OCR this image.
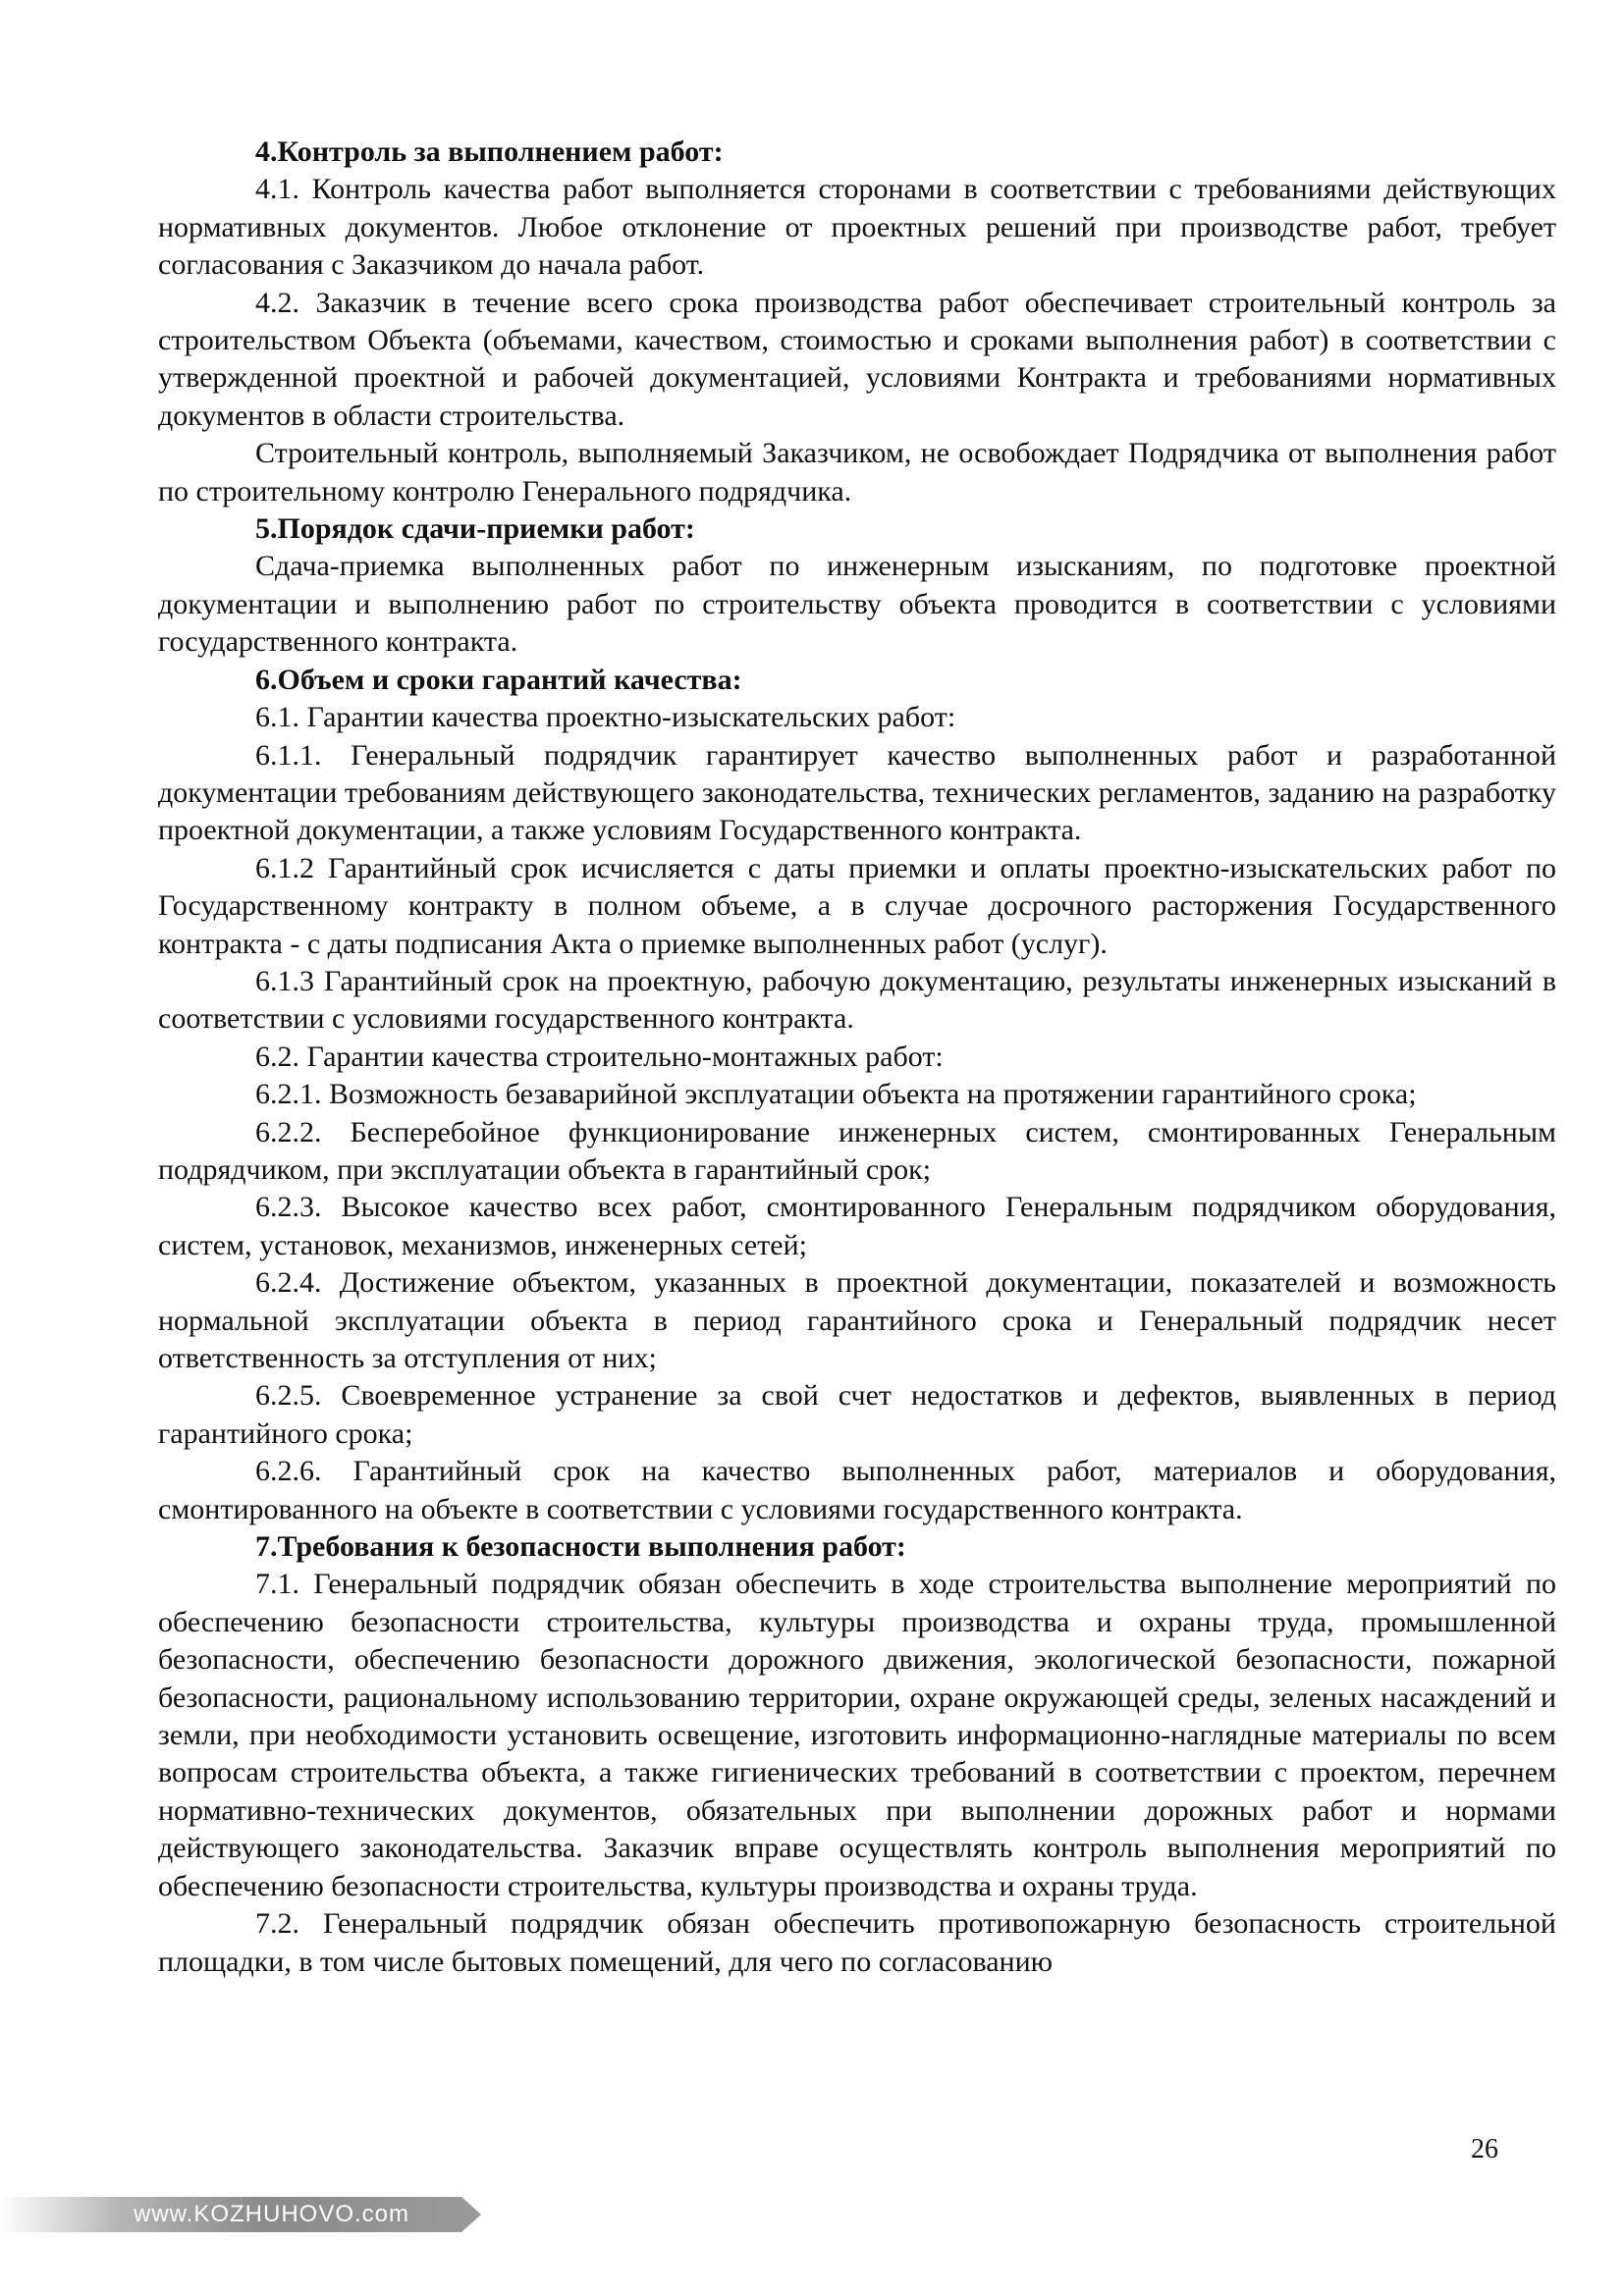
4.Контроль за выполнением работ:

4.1. Контроль качества работ выполняется сторонами в соответствии с требованиями действующих нормативных документов. Любое отклонение от проектных решений при производстве работ, требует согласования с Заказчиком до начала работ.

4.2. Заказчик в течение всего срока производства работ обеспечивает строительный контроль за строительством Объекта (объемами, качеством, стоимостью и сроками выполнения работ) в соответствии с утвержденной проектной и рабочей документацией, условиями Контракта и требованиями нормативных документов в области строительства.

Строительный контроль, выполняемый Заказчиком, не освобождает Подрядчика от выполнения работ по строительному контролю Генерального подрядчика.

5.Порядок сдачи-приемки работ:

Сдача-приемка выполненных работ по инженерным изысканиям, по подготовке проектной документации и выполнению работ по строительству объекта проводится в соответствии с условиями государственного контракта.

6.Объем и сроки гарантий качества:

6.1. Гарантии качества проектно-изыскательских работ:

6.1.1. Генеральный подрядчик гарантирует качество выполненных работ и разработанной документации требованиям действующего законодательства, технических регламентов, заданию на разработку проектной документации, а также условиям Государственного контракта.

6.1.2 Гарантийный срок исчисляется с даты приемки и оплаты проектно-изыскательских работ по Государственному контракту в полном объеме, а в случае досрочного расторжения Государственного контракта - с даты подписания Акта о приемке выполненных работ (услуг).

6.1.3 Гарантийный срок на проектную, рабочую документацию, результаты инженерных изысканий в соответствии с условиями государственного контракта.

6.2. Гарантии качества строительно-монтажных работ:

6.2.1. Возможность безаварийной эксплуатации объекта на протяжении гарантийного срока;

6.2.2. Бесперебойное функционирование инженерных систем, смонтированных Генеральным подрядчиком, при эксплуатации объекта в гарантийный срок;

6.2.3. Высокое качество всех работ, смонтированного Генеральным подрядчиком оборудования, систем, установок, механизмов, инженерных сетей;

6.2.4. Достижение объектом, указанных в проектной документации, показателей и возможность нормальной эксплуатации объекта в период гарантийного срока и Генеральный подрядчик несет ответственность за отступления от них;

6.2.5. Своевременное устранение за свой счет недостатков и дефектов, выявленных в период гарантийного срока;

6.2.6. Гарантийный срок на качество выполненных работ, материалов и оборудования, смонтированного на объекте в соответствии с условиями государственного контракта.

7.Требования к безопасности выполнения работ:

7.1. Генеральный подрядчик обязан обеспечить в ходе строительства выполнение мероприятий по обеспечению безопасности строительства, культуры производства и охраны труда, промышленной безопасности, обеспечению безопасности дорожного движения, экологической безопасности, пожарной безопасности, рациональному использованию территории, охране окружающей среды, зеленых насаждений и земли, при необходимости установить освещение, изготовить информационно-наглядные материалы по всем вопросам строительства объекта, а также гигиенических требований в соответствии с проектом, перечнем нормативно-технических документов, обязательных при выполнении дорожных работ и нормами действующего законодательства. Заказчик вправе осуществлять контроль выполнения мероприятий по обеспечению безопасности строительства, культуры производства и охраны труда.

7.2. Генеральный подрядчик обязан обеспечить противопожарную безопасность строительной площадки, в том числе бытовых помещений, для чего по согласованию

26
www.KOZHUHOVO.com
